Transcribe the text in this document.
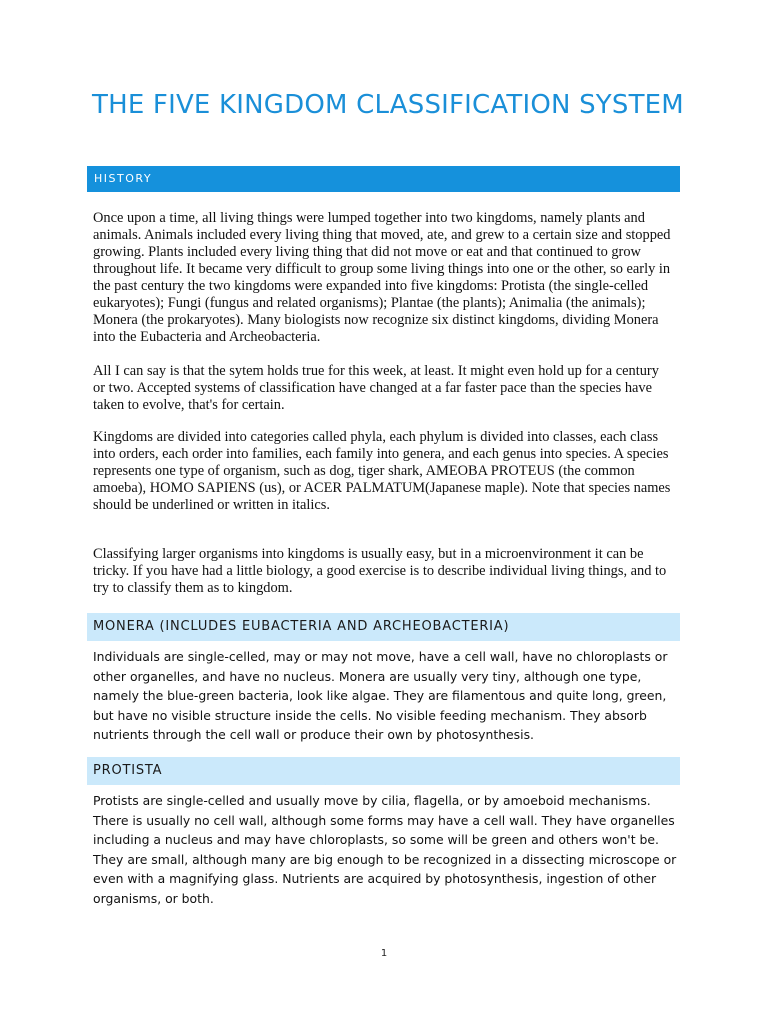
THE FIVE KINGDOM CLASSIFICATION SYSTEM
HISTORY

Once upon a time, all living things were lumped together into two kingdoms, namely plants and animals. Animals included every living thing that moved, ate, and grew to a certain size and stopped growing. Plants included every living thing that did not move or eat and that continued to grow throughout life. It became very difficult to group some living things into one or the other, so early in the past century the two kingdoms were expanded into five kingdoms: Protista (the single-celled eukaryotes); Fungi (fungus and related organisms); Plantae (the plants); Animalia (the animals); Monera (the prokaryotes). Many biologists now recognize six distinct kingdoms, dividing Monera into the Eubacteria and Archeobacteria.

All I can say is that the sytem holds true for this week, at least. It might even hold up for a century or two. Accepted systems of classification have changed at a far faster pace than the species have taken to evolve, that's for certain.

Kingdoms are divided into categories called phyla, each phylum is divided into classes, each class into orders, each order into families, each family into genera, and each genus into species. A species represents one type of organism, such as dog, tiger shark, AMEOBA PROTEUS (the common amoeba), HOMO SAPIENS (us), or ACER PALMATUM(Japanese maple). Note that species names should be underlined or written in italics.

Classifying larger organisms into kingdoms is usually easy, but in a microenvironment it can be tricky. If you have had a little biology, a good exercise is to describe individual living things, and to try to classify them as to kingdom.

MONERA (INCLUDES EUBACTERIA AND ARCHEOBACTERIA)

Individuals are single-celled, may or may not move, have a cell wall, have no chloroplasts or other organelles, and have no nucleus. Monera are usually very tiny, although one type, namely the blue-green bacteria, look like algae. They are filamentous and quite long, green, but have no visible structure inside the cells. No visible feeding mechanism. They absorb nutrients through the cell wall or produce their own by photosynthesis.

PROTISTA

Protists are single-celled and usually move by cilia, flagella, or by amoeboid mechanisms. There is usually no cell wall, although some forms may have a cell wall. They have organelles including a nucleus and may have chloroplasts, so some will be green and others won't be. They are small, although many are big enough to be recognized in a dissecting microscope or even with a magnifying glass. Nutrients are acquired by photosynthesis, ingestion of other organisms, or both.

1
